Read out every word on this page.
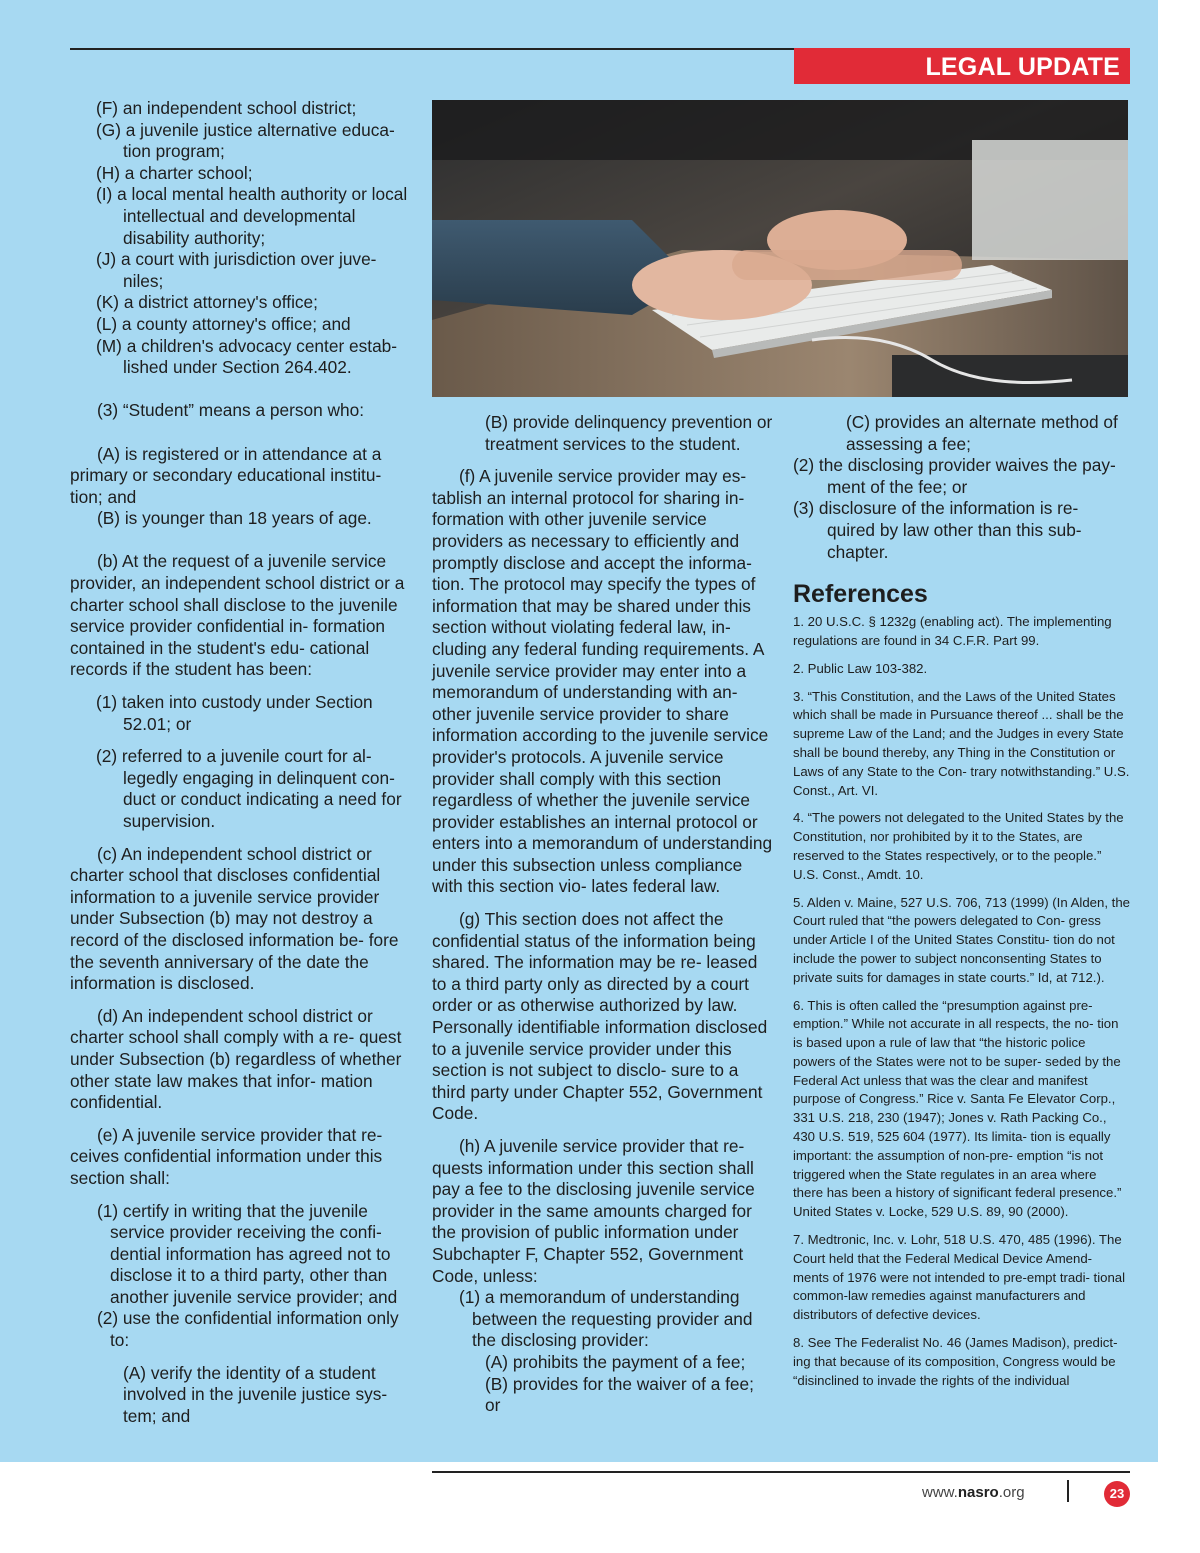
LEGAL UPDATE

(F) an independent school district;

(G) a juvenile justice alternative educa- tion program;

(H) a charter school;

(I) a local mental health authority or local intellectual and developmental disability authority;

(J) a court with jurisdiction over juve- niles;

(K) a district attorney's office;

(L) a county attorney's office; and

(M) a children's advocacy center estab- lished under Section 264.402.

(3) “Student” means a person who:

(A) is registered or in attendance at a primary or secondary educational institu- tion; and

(B) is younger than 18 years of age.

(b) At the request of a juvenile service provider, an independent school district or a charter school shall disclose to the juvenile service provider confidential in- formation contained in the student's edu- cational records if the student has been:

(1) taken into custody under Section 52.01; or

(2) referred to a juvenile court for al- legedly engaging in delinquent con- duct or conduct indicating a need for supervision.

(c) An independent school district or charter school that discloses confidential information to a juvenile service provider under Subsection (b) may not destroy a record of the disclosed information be- fore the seventh anniversary of the date the information is disclosed.

(d) An independent school district or charter school shall comply with a re- quest under Subsection (b) regardless of whether other state law makes that infor- mation confidential.

(e) A juvenile service provider that re- ceives confidential information under this section shall:

(1) certify in writing that the juvenile service provider receiving the confi- dential information has agreed not to disclose it to a third party, other than another juvenile service provider; and

(2) use the confidential information only to:

(A) verify the identity of a student involved in the juvenile justice sys- tem; and

(B) provide delinquency prevention or treatment services to the student.

(f) A juvenile service provider may es- tablish an internal protocol for sharing in- formation with other juvenile service providers as necessary to efficiently and promptly disclose and accept the informa- tion. The protocol may specify the types of information that may be shared under this section without violating federal law, in- cluding any federal funding requirements. A juvenile service provider may enter into a memorandum of understanding with an- other juvenile service provider to share information according to the juvenile service provider's protocols. A juvenile service provider shall comply with this section regardless of whether the juvenile service provider establishes an internal protocol or enters into a memorandum of understanding under this subsection unless compliance with this section vio- lates federal law.

(g) This section does not affect the confidential status of the information being shared. The information may be re- leased to a third party only as directed by a court order or as otherwise authorized by law. Personally identifiable information disclosed to a juvenile service provider under this section is not subject to disclo- sure to a third party under Chapter 552, Government Code.

(h) A juvenile service provider that re- quests information under this section shall pay a fee to the disclosing juvenile service provider in the same amounts charged for the provision of public information under Subchapter F, Chapter 552, Government Code, unless:

(1) a memorandum of understanding between the requesting provider and the disclosing provider:

(A) prohibits the payment of a fee;

(B) provides for the waiver of a fee; or

(C) provides an alternate method of assessing a fee;

(2) the disclosing provider waives the pay- ment of the fee; or

(3) disclosure of the information is re- quired by law other than this sub- chapter.

References

1. 20 U.S.C. § 1232g (enabling act). The implementing regulations are found in 34 C.F.R. Part 99.

2. Public Law 103-382.

3. “This Constitution, and the Laws of the United States which shall be made in Pursuance thereof ... shall be the supreme Law of the Land; and the Judges in every State shall be bound thereby, any Thing in the Constitution or Laws of any State to the Con- trary notwithstanding.” U.S. Const., Art. VI.

4. “The powers not delegated to the United States by the Constitution, nor prohibited by it to the States, are reserved to the States respectively, or to the people.” U.S. Const., Amdt. 10.

5. Alden v. Maine, 527 U.S. 706, 713 (1999) (In Alden, the Court ruled that “the powers delegated to Con- gress under Article I of the United States Constitu- tion do not include the power to subject nonconsenting States to private suits for damages in state courts.” Id, at 712.).

6. This is often called the “presumption against pre- emption.” While not accurate in all respects, the no- tion is based upon a rule of law that “the historic police powers of the States were not to be super- seded by the Federal Act unless that was the clear and manifest purpose of Congress.” Rice v. Santa Fe Elevator Corp., 331 U.S. 218, 230 (1947); Jones v. Rath Packing Co., 430 U.S. 519, 525 604 (1977). Its limita- tion is equally important: the assumption of non-pre- emption “is not triggered when the State regulates in an area where there has been a history of significant federal presence.” United States v. Locke, 529 U.S. 89, 90 (2000).

7. Medtronic, Inc. v. Lohr, 518 U.S. 470, 485 (1996). The Court held that the Federal Medical Device Amend- ments of 1976 were not intended to pre-empt tradi- tional common-law remedies against manufacturers and distributors of defective devices.

8. See The Federalist No. 46 (James Madison), predict- ing that because of its composition, Congress would be “disinclined to invade the rights of the individual

www.nasro.org	23
